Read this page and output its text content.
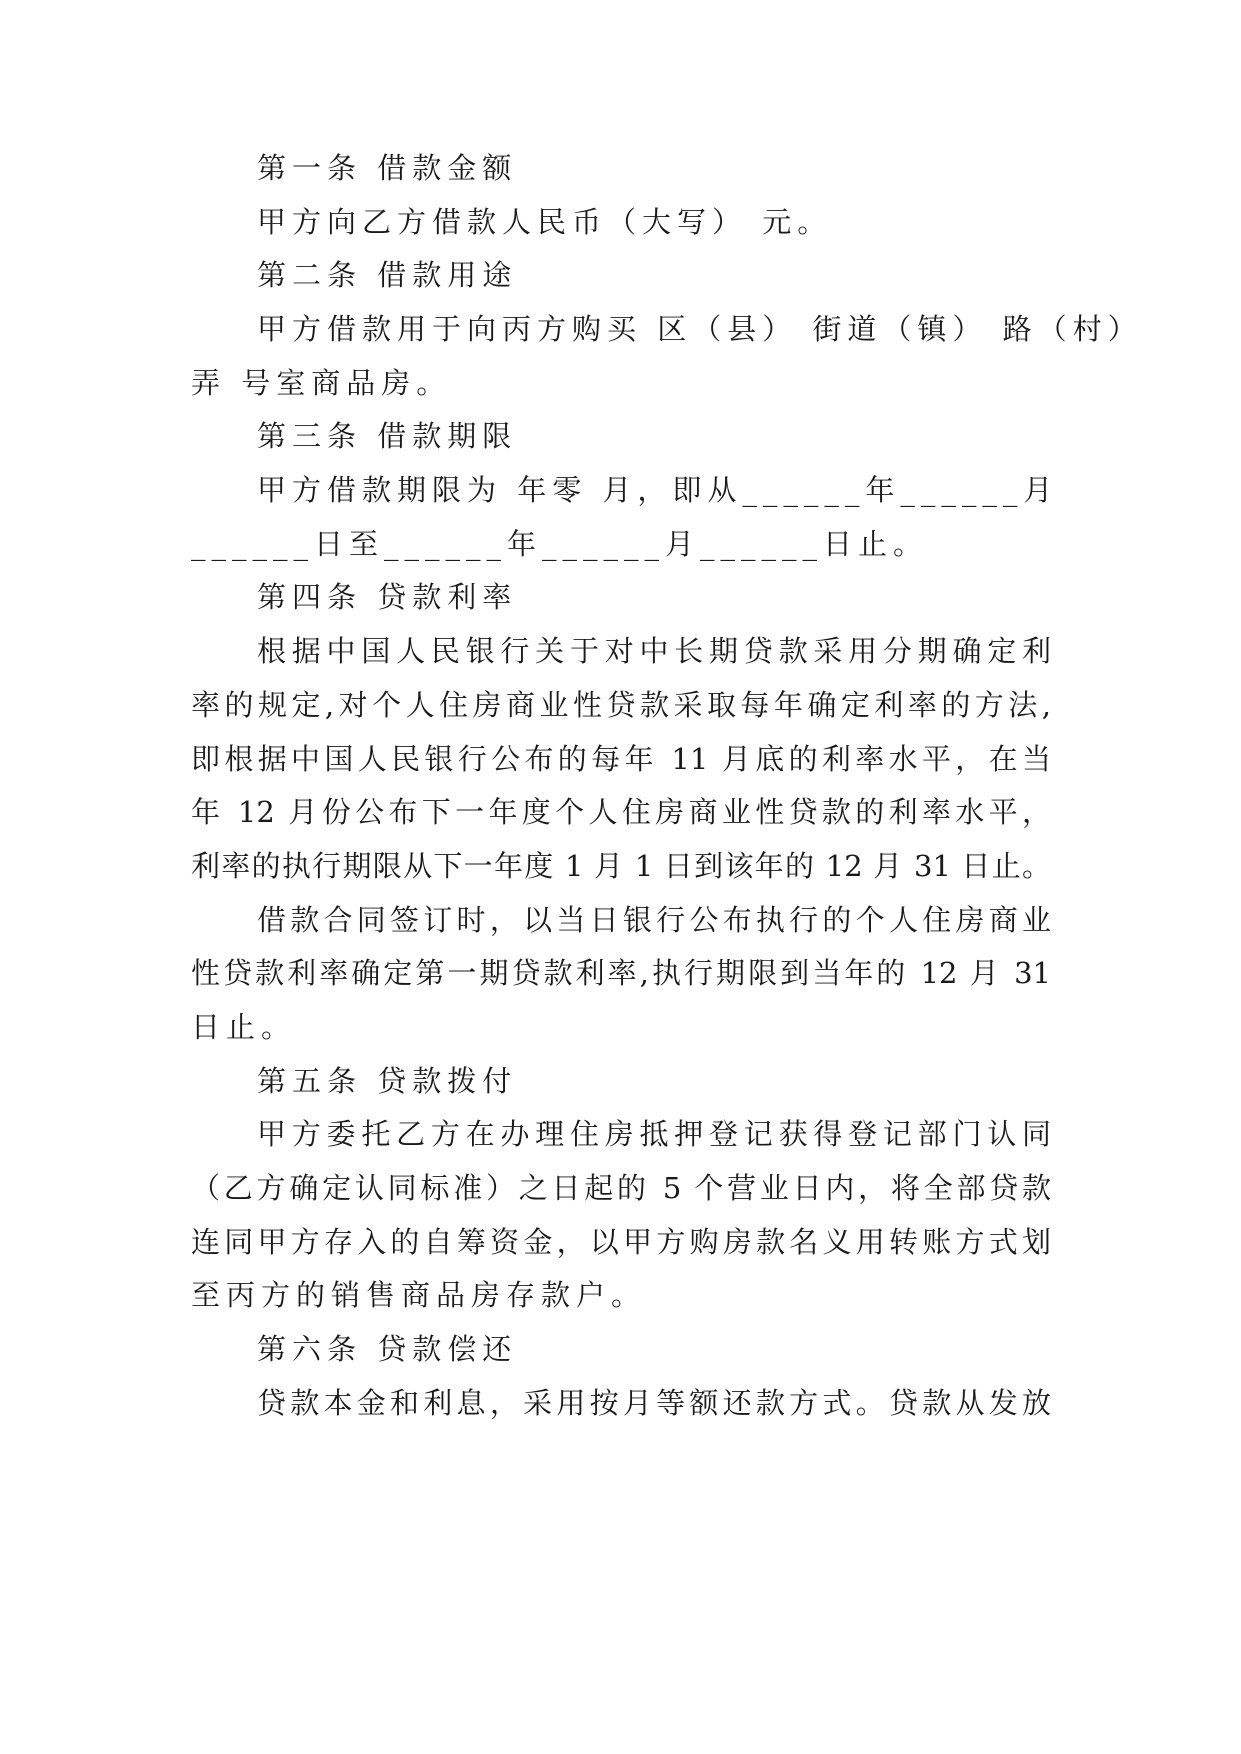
第一条 借款金额

甲方向乙方借款人民币（大写） 元。

第二条 借款用途

甲方借款用于向丙方购买 区（县） 街道（镇） 路（村）

弄 号室商品房。

第三条 借款期限

甲方借款期限为 年零 月，即从______年______月

______日至______年______月______日止。

第四条 贷款利率

根据中国人民银行关于对中长期贷款采用分期确定利

率的规定,对个人住房商业性贷款采取每年确定利率的方法,

即根据中国人民银行公布的每年 11 月底的利率水平，在当

年 12 月份公布下一年度个人住房商业性贷款的利率水平，

利率的执行期限从下一年度 1 月 1 日到该年的 12 月 31 日止。

借款合同签订时，以当日银行公布执行的个人住房商业

性贷款利率确定第一期贷款利率,执行期限到当年的 12 月 31

日止。

第五条 贷款拨付

甲方委托乙方在办理住房抵押登记获得登记部门认同

（乙方确定认同标准）之日起的 5 个营业日内，将全部贷款

连同甲方存入的自筹资金，以甲方购房款名义用转账方式划

至丙方的销售商品房存款户。

第六条 贷款偿还

贷款本金和利息，采用按月等额还款方式。贷款从发放
